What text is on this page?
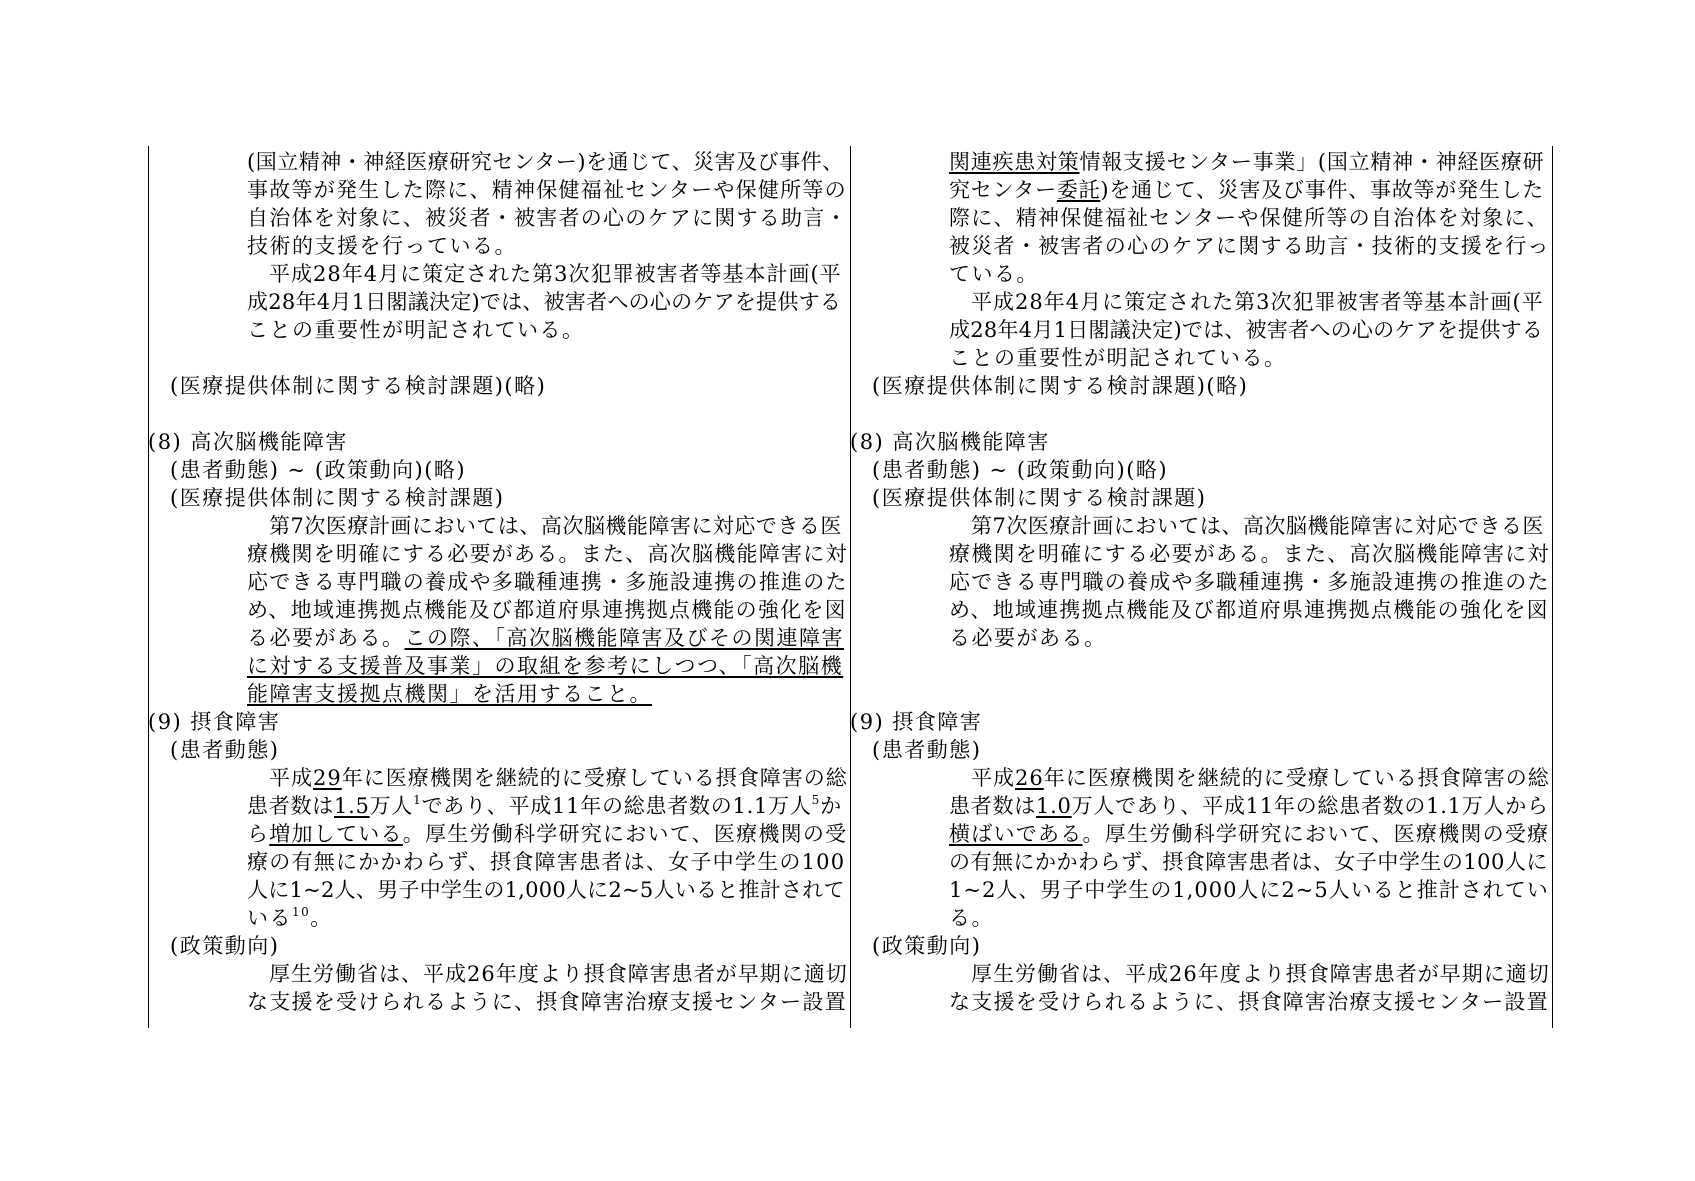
(国立精神・神経医療研究センター)を通じて、災害及び事件、
事故等が発生した際に、精神保健福祉センターや保健所等の
自治体を対象に、被災者・被害者の心のケアに関する助言・
技術的支援を行っている。
平成28年4月に策定された第3次犯罪被害者等基本計画(平
成28年4月1日閣議決定)では、被害者への心のケアを提供する
ことの重要性が明記されている。
(医療提供体制に関する検討課題)(略)
(8) 高次脳機能障害
(患者動態) ~ (政策動向)(略)
(医療提供体制に関する検討課題)
第7次医療計画においては、高次脳機能障害に対応できる医
療機関を明確にする必要がある。また、高次脳機能障害に対
応できる専門職の養成や多職種連携・多施設連携の推進のた
め、地域連携拠点機能及び都道府県連携拠点機能の強化を図
る必要がある。この際、「高次脳機能障害及びその関連障害
に対する支援普及事業」の取組を参考にしつつ、「高次脳機
能障害支援拠点機関」を活用すること。
(9) 摂食障害
(患者動態)
平成29年に医療機関を継続的に受療している摂食障害の総
患者数は1.5万人$^1$であり、平成11年の総患者数の1.1万人$^5$か
ら増加している。厚生労働科学研究において、医療機関の受
療の有無にかかわらず、摂食障害患者は、女子中学生の100
人に1~2人、男子中学生の1,000人に2~5人いると推計されて
いる$^{10}$。
(政策動向)
厚生労働省は、平成26年度より摂食障害患者が早期に適切
な支援を受けられるように、摂食障害治療支援センター設置
関連疾患対策情報支援センター事業」(国立精神・神経医療研
究センター委託)を通じて、災害及び事件、事故等が発生した
際に、精神保健福祉センターや保健所等の自治体を対象に、
被災者・被害者の心のケアに関する助言・技術的支援を行っ
ている。
平成28年4月に策定された第3次犯罪被害者等基本計画(平
成28年4月1日閣議決定)では、被害者への心のケアを提供する
ことの重要性が明記されている。
(医療提供体制に関する検討課題)(略)
(8) 高次脳機能障害
(患者動態) ~ (政策動向)(略)
(医療提供体制に関する検討課題)
第7次医療計画においては、高次脳機能障害に対応できる医
療機関を明確にする必要がある。また、高次脳機能障害に対
応できる専門職の養成や多職種連携・多施設連携の推進のた
め、地域連携拠点機能及び都道府県連携拠点機能の強化を図
る必要がある。
(9) 摂食障害
(患者動態)
平成26年に医療機関を継続的に受療している摂食障害の総
患者数は1.0万人であり、平成11年の総患者数の1.1万人から
横ばいである。厚生労働科学研究において、医療機関の受療
の有無にかかわらず、摂食障害患者は、女子中学生の100人に
1~2人、男子中学生の1,000人に2~5人いると推計されてい
る。
(政策動向)
厚生労働省は、平成26年度より摂食障害患者が早期に適切
な支援を受けられるように、摂食障害治療支援センター設置
